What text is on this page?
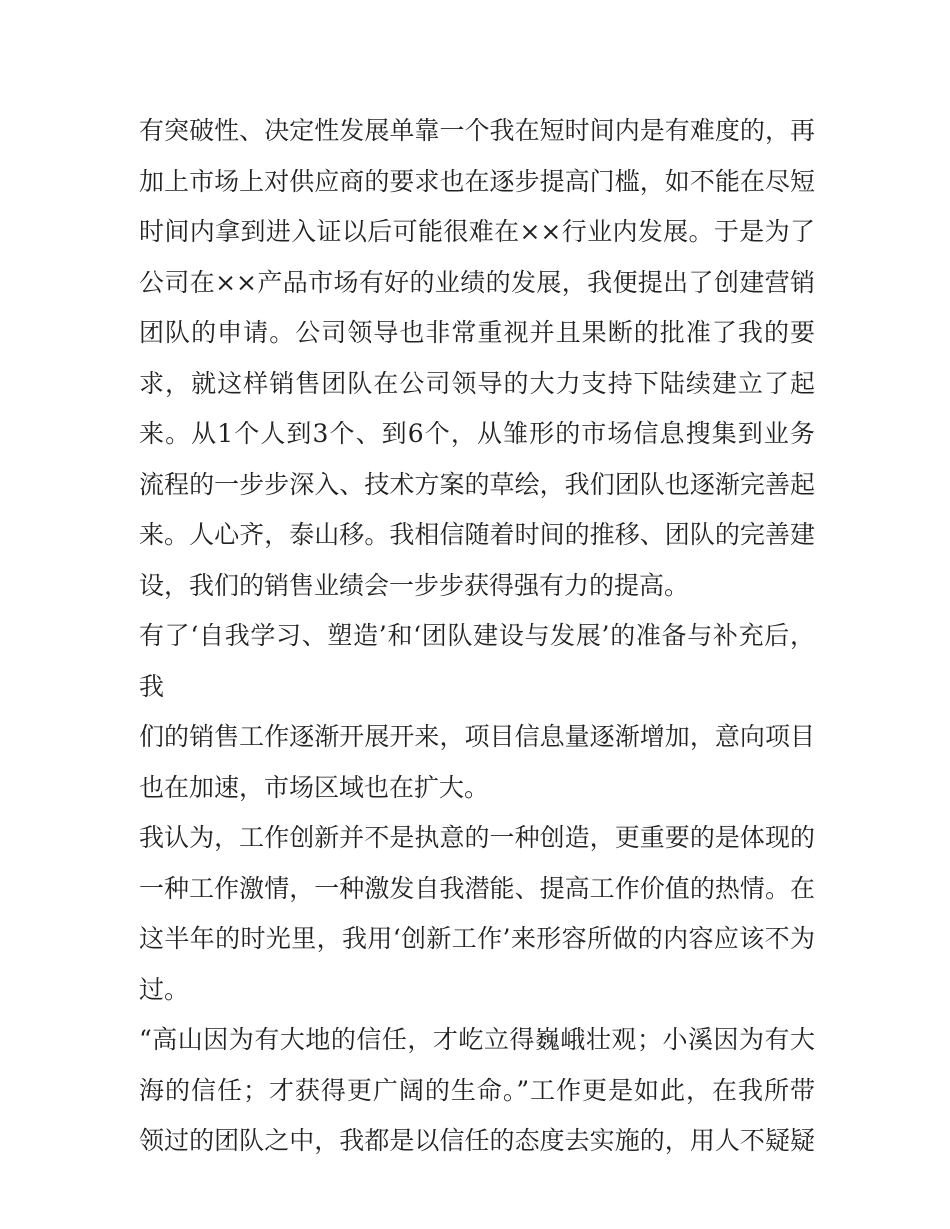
有突破性、决定性发展单靠一个我在短时间内是有难度的，再

加上市场上对供应商的要求也在逐步提高门槛，如不能在尽短

时间内拿到进入证以后可能很难在××行业内发展。于是为了

公司在××产品市场有好的业绩的发展，我便提出了创建营销

团队的申请。公司领导也非常重视并且果断的批准了我的要

求，就这样销售团队在公司领导的大力支持下陆续建立了起

来。从1个人到3个、到6个，从雏形的市场信息搜集到业务

流程的一步步深入、技术方案的草绘，我们团队也逐渐完善起

来。人心齐，泰山移。我相信随着时间的推移、团队的完善建

设，我们的销售业绩会一步步获得强有力的提高。

有了‘自我学习、塑造’和‘团队建设与发展’的准备与补充后，我

们的销售工作逐渐开展开来，项目信息量逐渐增加，意向项目

也在加速，市场区域也在扩大。

我认为，工作创新并不是执意的一种创造，更重要的是体现的

一种工作激情，一种激发自我潜能、提高工作价值的热情。在

这半年的时光里，我用‘创新工作’来形容所做的内容应该不为

过。

“高山因为有大地的信任，才屹立得巍峨壮观；小溪因为有大

海的信任；才获得更广阔的生命。”工作更是如此，在我所带

领过的团队之中，我都是以信任的态度去实施的，用人不疑疑
